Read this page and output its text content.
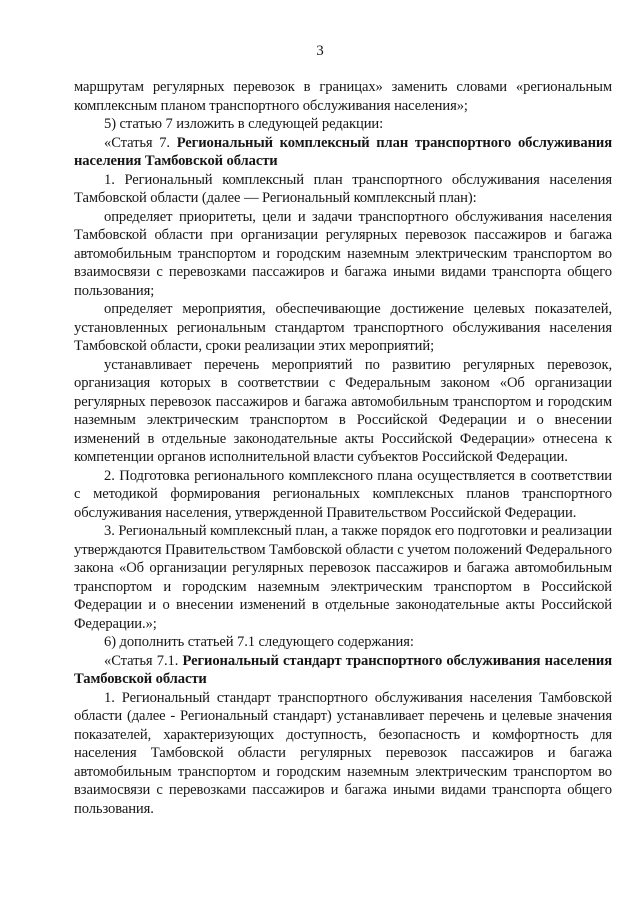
3

маршрутам регулярных перевозок в границах» заменить словами «региональным комплексным планом транспортного обслуживания населения»;

5) статью 7 изложить в следующей редакции:

«Статья 7. Региональный комплексный план транспортного обслуживания населения Тамбовской области

1. Региональный комплексный план транспортного обслуживания населения Тамбовской области (далее — Региональный комплексный план):

определяет приоритеты, цели и задачи транспортного обслуживания населения Тамбовской области при организации регулярных перевозок пассажиров и багажа автомобильным транспортом и городским наземным электрическим транспортом во взаимосвязи с перевозками пассажиров и багажа иными видами транспорта общего пользования;

определяет мероприятия, обеспечивающие достижение целевых показателей, установленных региональным стандартом транспортного обслуживания населения Тамбовской области, сроки реализации этих мероприятий;

устанавливает перечень мероприятий по развитию регулярных перевозок, организация которых в соответствии с Федеральным законом «Об организации регулярных перевозок пассажиров и багажа автомобильным транспортом и городским наземным электрическим транспортом в Российской Федерации и о внесении изменений в отдельные законодательные акты Российской Федерации» отнесена к компетенции органов исполнительной власти субъектов Российской Федерации.

2. Подготовка регионального комплексного плана осуществляется в соответствии с методикой формирования региональных комплексных планов транспортного обслуживания населения, утвержденной Правительством Российской Федерации.

3. Региональный комплексный план, а также порядок его подготовки и реализации утверждаются Правительством Тамбовской области с учетом положений Федерального закона «Об организации регулярных перевозок пассажиров и багажа автомобильным транспортом и городским наземным электрическим транспортом в Российской Федерации и о внесении изменений в отдельные законодательные акты Российской Федерации.»;

6) дополнить статьей 7.1 следующего содержания:

«Статья 7.1. Региональный стандарт транспортного обслуживания населения Тамбовской области

1. Региональный стандарт транспортного обслуживания населения Тамбовской области (далее - Региональный стандарт) устанавливает перечень и целевые значения показателей, характеризующих доступность, безопасность и комфортность для населения Тамбовской области регулярных перевозок пассажиров и багажа автомобильным транспортом и городским наземным электрическим транспортом во взаимосвязи с перевозками пассажиров и багажа иными видами транспорта общего пользования.
